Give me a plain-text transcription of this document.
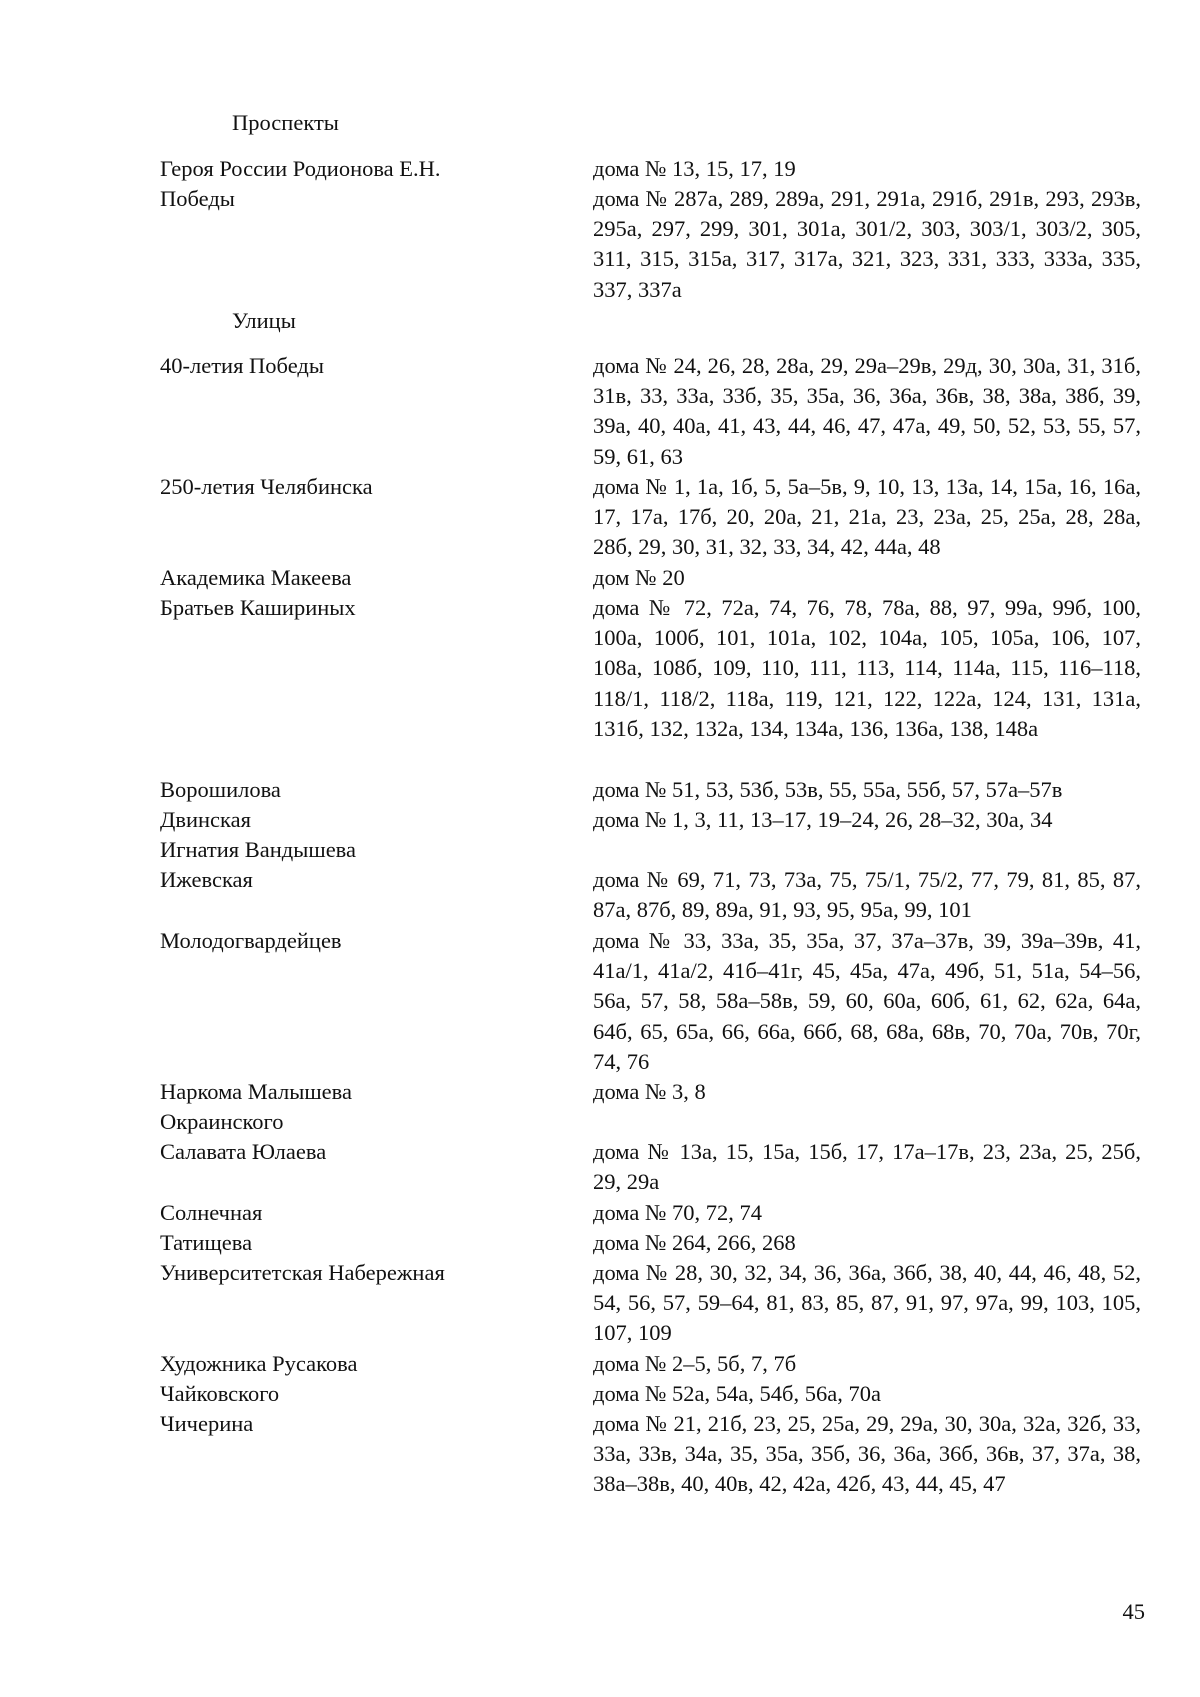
Проспекты
Героя России Родионова Е.Н.	дома № 13, 15, 17, 19
Победы	дома № 287а, 289, 289а, 291, 291а, 291б, 291в, 293, 293в, 295а, 297, 299, 301, 301а, 301/2, 303, 303/1, 303/2, 305, 311, 315, 315а, 317, 317а, 321, 323, 331, 333, 333а, 335, 337, 337а
Улицы
40-летия Победы	дома № 24, 26, 28, 28а, 29, 29а–29в, 29д, 30, 30а, 31, 31б, 31в, 33, 33а, 33б, 35, 35а, 36, 36а, 36в, 38, 38а, 38б, 39, 39а, 40, 40а, 41, 43, 44, 46, 47, 47а, 49, 50, 52, 53, 55, 57, 59, 61, 63
250-летия Челябинска	дома № 1, 1а, 1б, 5, 5а–5в, 9, 10, 13, 13а, 14, 15а, 16, 16а, 17, 17а, 17б, 20, 20а, 21, 21а, 23, 23а, 25, 25а, 28, 28а, 28б, 29, 30, 31, 32, 33, 34, 42, 44а, 48
Академика Макеева	дом № 20
Братьев Кашириных	дома № 72, 72а, 74, 76, 78, 78а, 88, 97, 99а, 99б, 100, 100а, 100б, 101, 101а, 102, 104а, 105, 105а, 106, 107, 108а, 108б, 109, 110, 111, 113, 114, 114а, 115, 116–118, 118/1, 118/2, 118а, 119, 121, 122, 122а, 124, 131, 131а, 131б, 132, 132а, 134, 134а, 136, 136а, 138, 148а
Ворошилова	дома № 51, 53, 53б, 53в, 55, 55а, 55б, 57, 57а–57в
Двинская	дома № 1, 3, 11, 13–17, 19–24, 26, 28–32, 30а, 34
Игнатия Вандышева
Ижевская	дома № 69, 71, 73, 73а, 75, 75/1, 75/2, 77, 79, 81, 85, 87, 87а, 87б, 89, 89а, 91, 93, 95, 95а, 99, 101
Молодогвардейцев	дома № 33, 33а, 35, 35а, 37, 37а–37в, 39, 39а–39в, 41, 41а/1, 41а/2, 41б–41г, 45, 45а, 47а, 49б, 51, 51а, 54–56, 56а, 57, 58, 58а–58в, 59, 60, 60а, 60б, 61, 62, 62а, 64а, 64б, 65, 65а, 66, 66а, 66б, 68, 68а, 68в, 70, 70а, 70в, 70г, 74, 76
Наркома Малышева	дома № 3, 8
Окраинского
Салавата Юлаева	дома № 13а, 15, 15а, 15б, 17, 17а–17в, 23, 23а, 25, 25б, 29, 29а
Солнечная	дома № 70, 72, 74
Татищева	дома № 264, 266, 268
Университетская Набережная	дома № 28, 30, 32, 34, 36, 36а, 36б, 38, 40, 44, 46, 48, 52, 54, 56, 57, 59–64, 81, 83, 85, 87, 91, 97, 97а, 99, 103, 105, 107, 109
Художника Русакова	дома № 2–5, 5б, 7, 7б
Чайковского	дома № 52а, 54а, 54б, 56а, 70а
Чичерина	дома № 21, 21б, 23, 25, 25а, 29, 29а, 30, 30а, 32а, 32б, 33, 33а, 33в, 34а, 35, 35а, 35б, 36, 36а, 36б, 36в, 37, 37а, 38, 38а–38в, 40, 40в, 42, 42а, 42б, 43, 44, 45, 47
45
